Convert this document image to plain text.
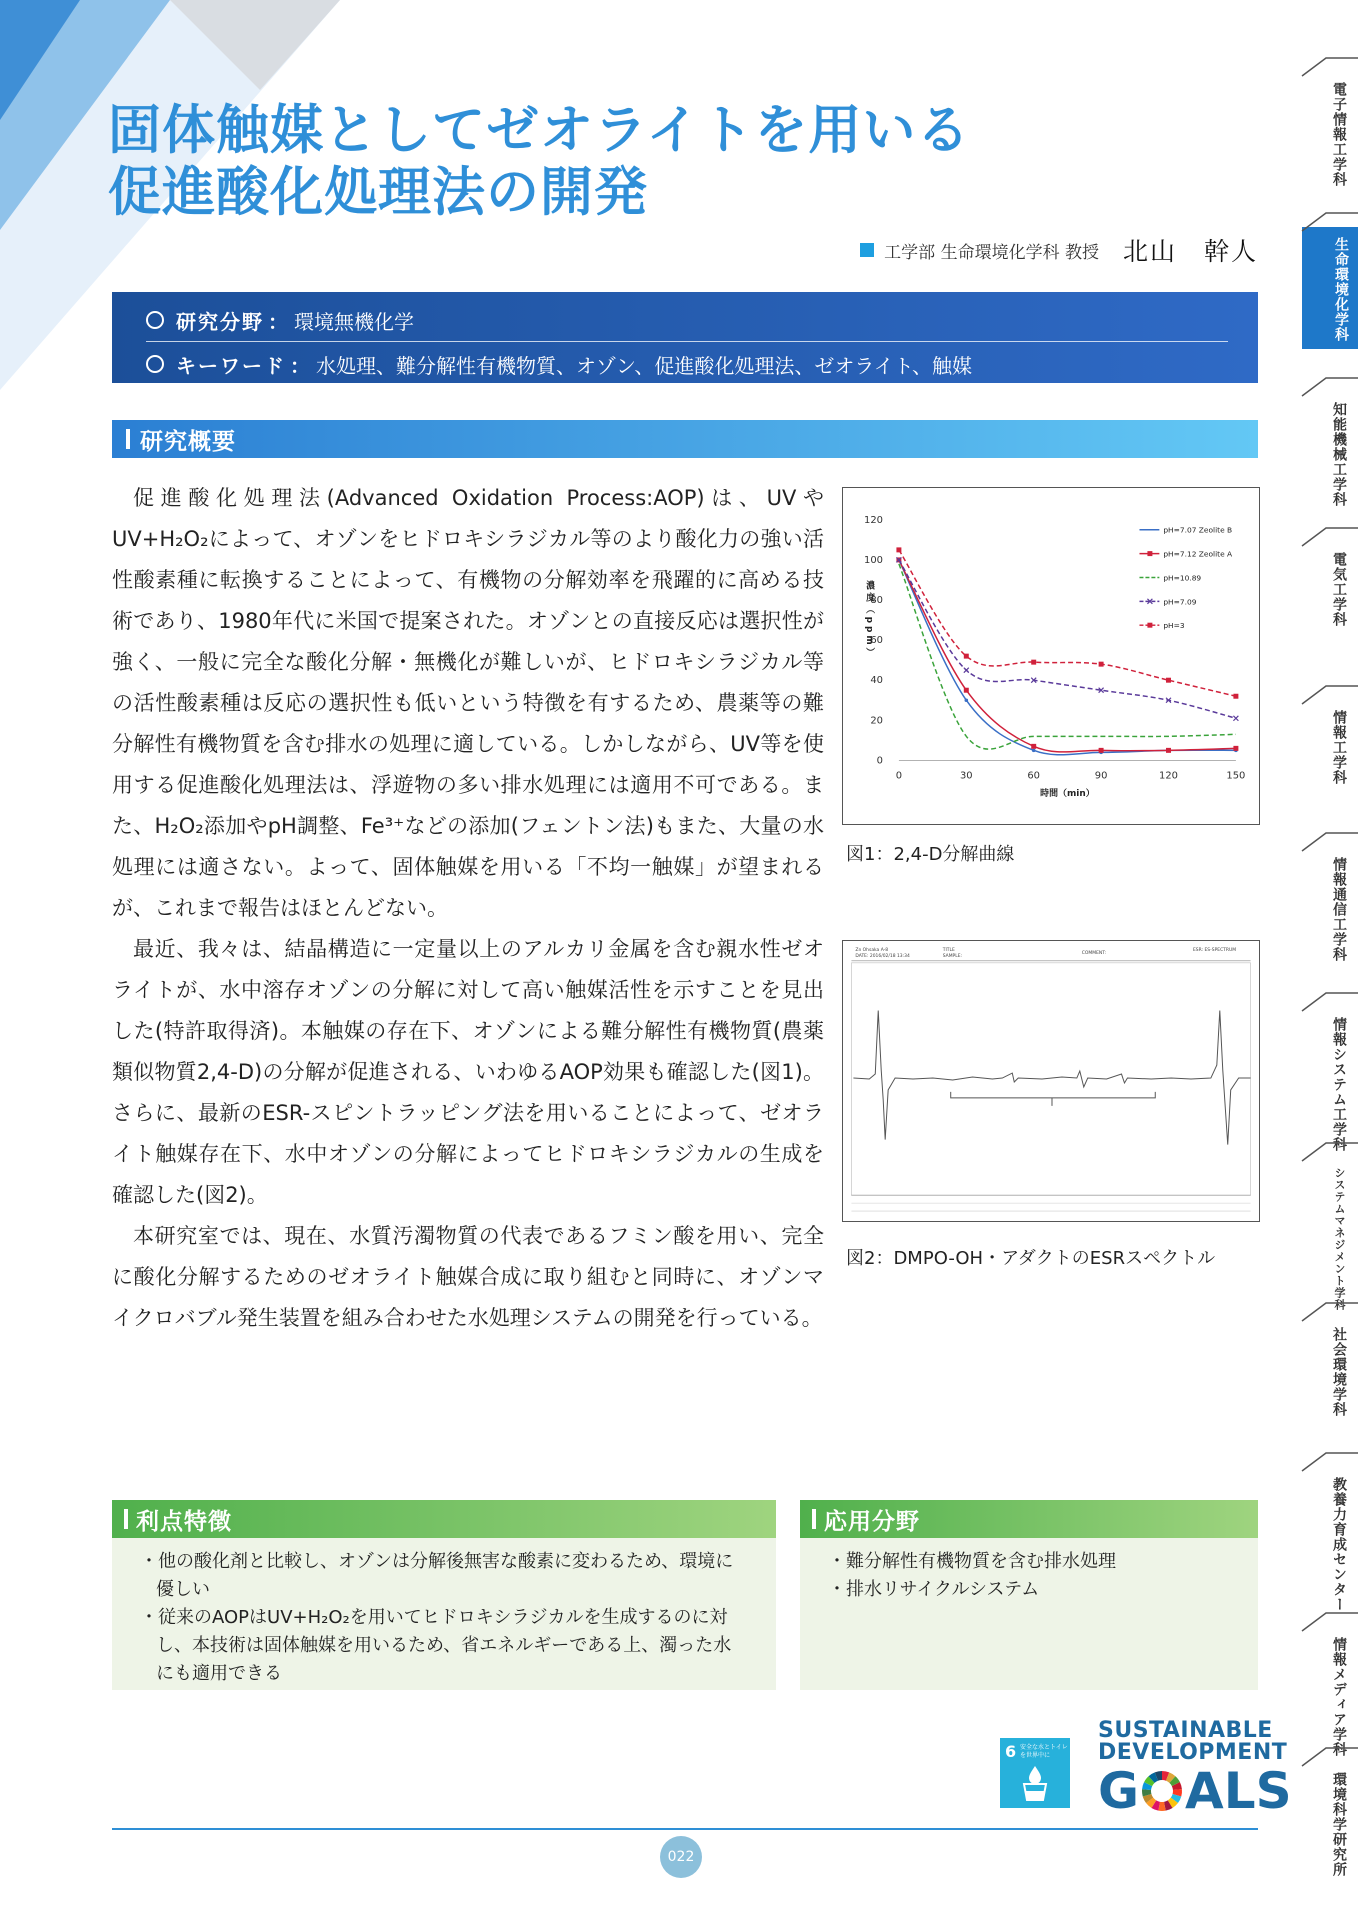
固体触媒としてゼオライトを用いる
促進酸化処理法の開発
工学部 生命環境化学科 教授 北山　幹人
研究分野 ： 環境無機化学
キーワード ： 水処理、難分解性有機物質、オゾン、促進酸化処理法、ゼオライト、触媒
研究概要

促進酸化処理法(Advanced Oxidation Process:AOP)は、UVやUV+H₂O₂によって、オゾンをヒドロキシラジカル等のより酸化力の強い活性酸素種に転換することによって、有機物の分解効率を飛躍的に高める技術であり、1980年代に米国で提案された。オゾンとの直接反応は選択性が強く、一般に完全な酸化分解・無機化が難しいが、ヒドロキシラジカル等の活性酸素種は反応の選択性も低いという特徴を有するため、農薬等の難分解性有機物質を含む排水の処理に適している。しかしながら、UV等を使用する促進酸化処理法は、浮遊物の多い排水処理には適用不可である。また、H₂O₂添加やpH調整、Fe³⁺などの添加(フェントン法)もまた、大量の水処理には適さない。よって、固体触媒を用いる「不均一触媒」が望まれるが、これまで報告はほとんどない。

最近、我々は、結晶構造に一定量以上のアルカリ金属を含む親水性ゼオライトが、水中溶存オゾンの分解に対して高い触媒活性を示すことを見出した(特許取得済)。本触媒の存在下、オゾンによる難分解性有機物質(農薬類似物質2,4-D)の分解が促進される、いわゆるAOP効果も確認した(図1)。さらに、最新のESR-スピントラッピング法を用いることによって、ゼオライト触媒存在下、水中オゾンの分解によってヒドロキシラジカルの生成を確認した(図2)。

本研究室では、現在、水質汚濁物質の代表であるフミン酸を用い、完全に酸化分解するためのゼオライト触媒合成に取り組むと同時に、オゾンマイクロバブル発生装置を組み合わせた水処理システムの開発を行っている。

0
20
40
60
80
100
120
0	30	60	90	120	150
時間（min）
濃度（ppm）
pH=7.07 Zeolite B
pH=7.12 Zeolite A
pH=10.89
pH=7.09
pH=3
図1：2,4-D分解曲線
Zn Ohsaka A-8
DATE: 2016/02/18 13:34
TITLE
SAMPLE:
COMMENT:
ESR: ES-SPECTRUM
図2：DMPO-OH・アダクトのESRスペクトル
利点特徴
・他の酸化剤と比較し、オゾンは分解後無害な酸素に変わるため、環境に優しい
・従来のAOPはUV+H₂O₂を用いてヒドロキシラジカルを生成するのに対し、本技術は固体触媒を用いるため、省エネルギーである上、濁った水にも適用できる
応用分野
・難分解性有機物質を含む排水処理
・排水リサイクルシステム
6 安全な水とトイレを世界中に
SUSTAINABLE
DEVELOPMENT
G ALS
022
電子情報工学科
生命環境化学科
知能機械工学科
電気工学科
情報工学科
情報通信工学科
情報システム工学科
システムマネジメント学科
社会環境学科
教養力育成センター
情報メディア学科
環境科学研究所
